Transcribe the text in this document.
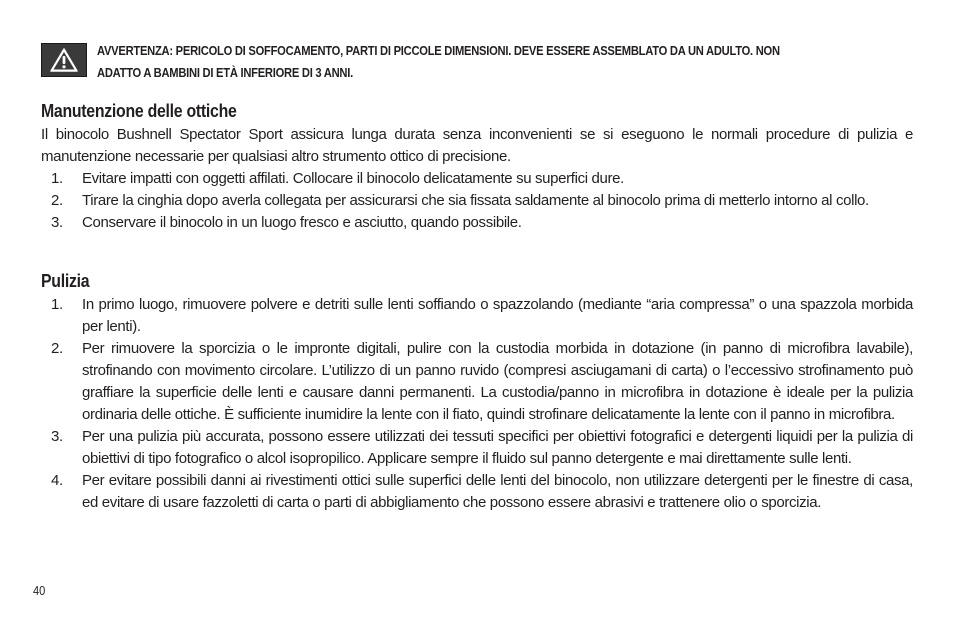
AVVERTENZA: PERICOLO DI SOFFOCAMENTO, PARTI DI PICCOLE DIMENSIONI. DEVE ESSERE ASSEMBLATO DA UN ADULTO. NON ADATTO A BAMBINI DI ETÀ INFERIORE DI 3 ANNI.
Manutenzione delle ottiche

Il binocolo Bushnell Spectator Sport assicura lunga durata senza inconvenienti se si eseguono le normali procedure di pulizia e manutenzione necessarie per qualsiasi altro strumento ottico di precisione.

1. Evitare impatti con oggetti affilati. Collocare il binocolo delicatamente su superfici dure.
2. Tirare la cinghia dopo averla collegata per assicurarsi che sia fissata saldamente al binocolo prima di metterlo intorno al collo.
3. Conservare il binocolo in un luogo fresco e asciutto, quando possibile.
Pulizia
1. In primo luogo, rimuovere polvere e detriti sulle lenti soffiando o spazzolando (mediante “aria compressa” o una spazzola morbida per lenti).
2. Per rimuovere la sporcizia o le impronte digitali, pulire con la custodia morbida in dotazione (in panno di microfibra lavabile), strofinando con movimento circolare. L’utilizzo di un panno ruvido (compresi asciugamani di carta) o l’eccessivo strofinamento può graffiare la superficie delle lenti e causare danni permanenti. La custodia/panno in microfibra in dotazione è ideale per la pulizia ordinaria delle ottiche. È sufficiente inumidire la lente con il fiato, quindi strofinare delicatamente la lente con il panno in microfibra.
3. Per una pulizia più accurata, possono essere utilizzati dei tessuti specifici per obiettivi fotografici e detergenti liquidi per la pulizia di obiettivi di tipo fotografico o alcol isopropilico. Applicare sempre il fluido sul panno detergente e mai direttamente sulle lenti.
4. Per evitare possibili danni ai rivestimenti ottici sulle superfici delle lenti del binocolo, non utilizzare detergenti per le finestre di casa, ed evitare di usare fazzoletti di carta o parti di abbigliamento che possono essere abrasivi e trattenere olio o sporcizia.
40
